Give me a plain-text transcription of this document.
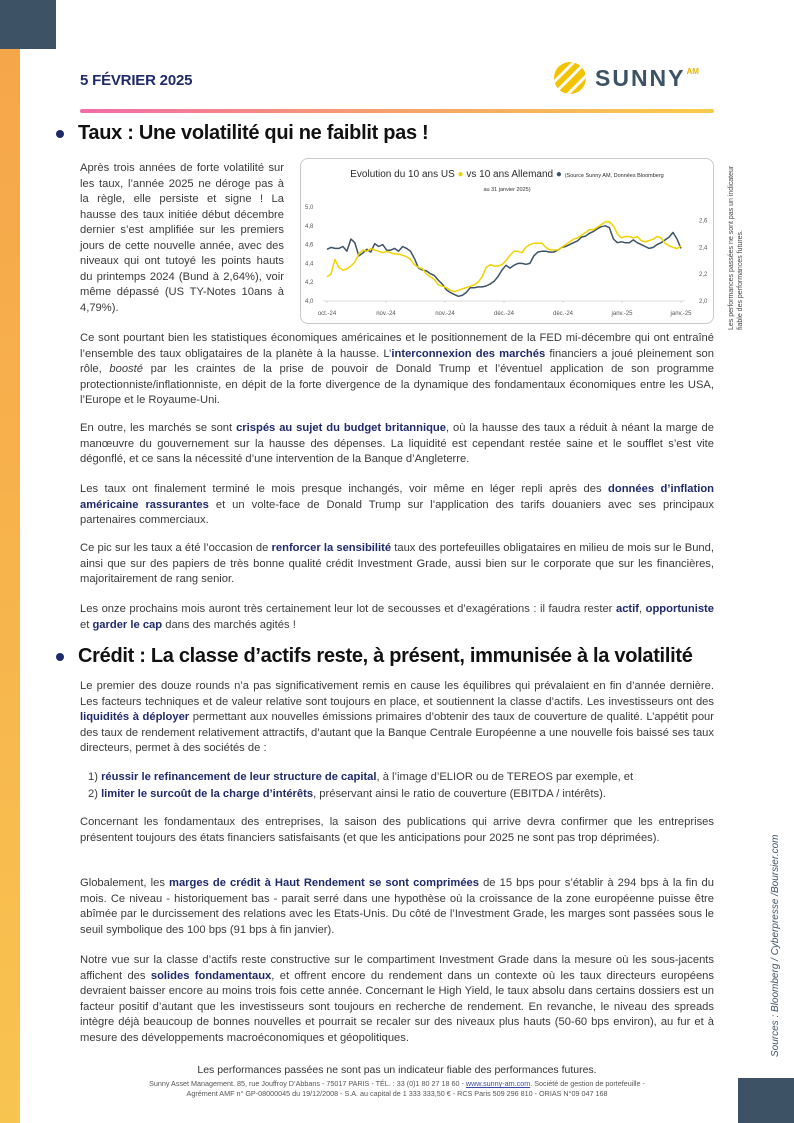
5 FÉVRIER 2025	SUNNY AM
Taux : Une volatilité qui ne faiblit pas !
Après trois années de forte volatilité sur les taux, l’année 2025 ne déroge pas à la règle, elle persiste et signe ! La hausse des taux initiée début décembre dernier s’est amplifiée sur les premiers jours de cette nouvelle année, avec des niveaux qui ont tutoyé les points hauts du printemps 2024 (Bund à 2,64%), voir même dépassé (US TY-Notes 10ans à 4,79%).
Evolution du 10 ans US ● vs 10 ans Allemand ● (Source Sunny AM, Données Bloomberg
au 31 janvier 2025)
4,0
4,2
4,4
4,6
4,8
5,0
2,0
2,2
2,4
2,6
oct.-24	nov.-24	nov.-24	déc.-24	déc.-24	janv.-25	janv.-25	Les performances passées ne sont pas un indicateur fiable des performances futures.
Ce sont pourtant bien les statistiques économiques américaines et le positionnement de la FED mi-décembre qui ont entraîné l’ensemble des taux obligataires de la planète à la hausse. L’interconnexion des marchés financiers a joué pleinement son rôle, boosté par les craintes de la prise de pouvoir de Donald Trump et l’éventuel application de son programme protectionniste/inflationniste, en dépit de la forte divergence de la dynamique des fondamentaux économiques entre les USA, l’Europe et le Royaume-Uni.
En outre, les marchés se sont crispés au sujet du budget britannique, où la hausse des taux a réduit à néant la marge de manœuvre du gouvernement sur la hausse des dépenses. La liquidité est cependant restée saine et le soufflet s’est vite dégonflé, et ce sans la nécessité d’une intervention de la Banque d’Angleterre.
Les taux ont finalement terminé le mois presque inchangés, voir même en léger repli après des données d’inflation américaine rassurantes et un volte-face de Donald Trump sur l’application des tarifs douaniers avec ses principaux partenaires commerciaux.
Ce pic sur les taux a été l’occasion de renforcer la sensibilité taux des portefeuilles obligataires en milieu de mois sur le Bund, ainsi que sur des papiers de très bonne qualité crédit Investment Grade, aussi bien sur le corporate que sur les financières, majoritairement de rang senior.
Les onze prochains mois auront très certainement leur lot de secousses et d’exagérations : il faudra rester actif, opportuniste et garder le cap dans des marchés agités !
Crédit : La classe d’actifs reste, à présent, immunisée à la volatilité
Le premier des douze rounds n’a pas significativement remis en cause les équilibres qui prévalaient en fin d’année dernière. Les facteurs techniques et de valeur relative sont toujours en place, et soutiennent la classe d’actifs. Les investisseurs ont des liquidités à déployer permettant aux nouvelles émissions primaires d’obtenir des taux de couverture de qualité. L’appétit pour des taux de rendement relativement attractifs, d’autant que la Banque Centrale Européenne a une nouvelle fois baissé ses taux directeurs, permet à des sociétés de :
1) réussir le refinancement de leur structure de capital, à l’image d’ELIOR ou de TEREOS par exemple, et
2) limiter le surcoût de la charge d’intérêts, préservant ainsi le ratio de couverture (EBITDA / intérêts).
Concernant les fondamentaux des entreprises, la saison des publications qui arrive devra confirmer que les entreprises présentent toujours des états financiers satisfaisants (et que les anticipations pour 2025 ne sont pas trop déprimées).
Globalement, les marges de crédit à Haut Rendement se sont comprimées de 15 bps pour s’établir à 294 bps à la fin du mois. Ce niveau - historiquement bas - parait serré dans une hypothèse où la croissance de la zone européenne puisse être abîmée par le durcissement des relations avec les Etats-Unis. Du côté de l’Investment Grade, les marges sont passées sous le seuil symbolique des 100 bps (91 bps à fin janvier).
Notre vue sur la classe d’actifs reste constructive sur le compartiment Investment Grade dans la mesure où les sous-jacents affichent des solides fondamentaux, et offrent encore du rendement dans un contexte où les taux directeurs européens devraient baisser encore au moins trois fois cette année. Concernant le High Yield, le taux absolu dans certains dossiers est un facteur positif d’autant que les investisseurs sont toujours en recherche de rendement. En revanche, le niveau des spreads intègre déjà beaucoup de bonnes nouvelles et pourrait se recaler sur des niveaux plus hauts (50-60 bps environ), au fur et à mesure des développements macroéconomiques et géopolitiques.	Sources : Bloomberg / Cyberpresse /Boursier.com
Les performances passées ne sont pas un indicateur fiable des performances futures.
Sunny Asset Management. 85, rue Jouffroy D’Abbans - 75017 PARIS - TÉL. : 33 (0)1 80 27 18 60 - www.sunny-am.com. Société de gestion de portefeuille -
Agrément AMF n° GP-08000045 du 19/12/2008 - S.A. au capital de 1 333 333,50 € - RCS Paris 509 296 810 - ORIAS N°09 047 168
